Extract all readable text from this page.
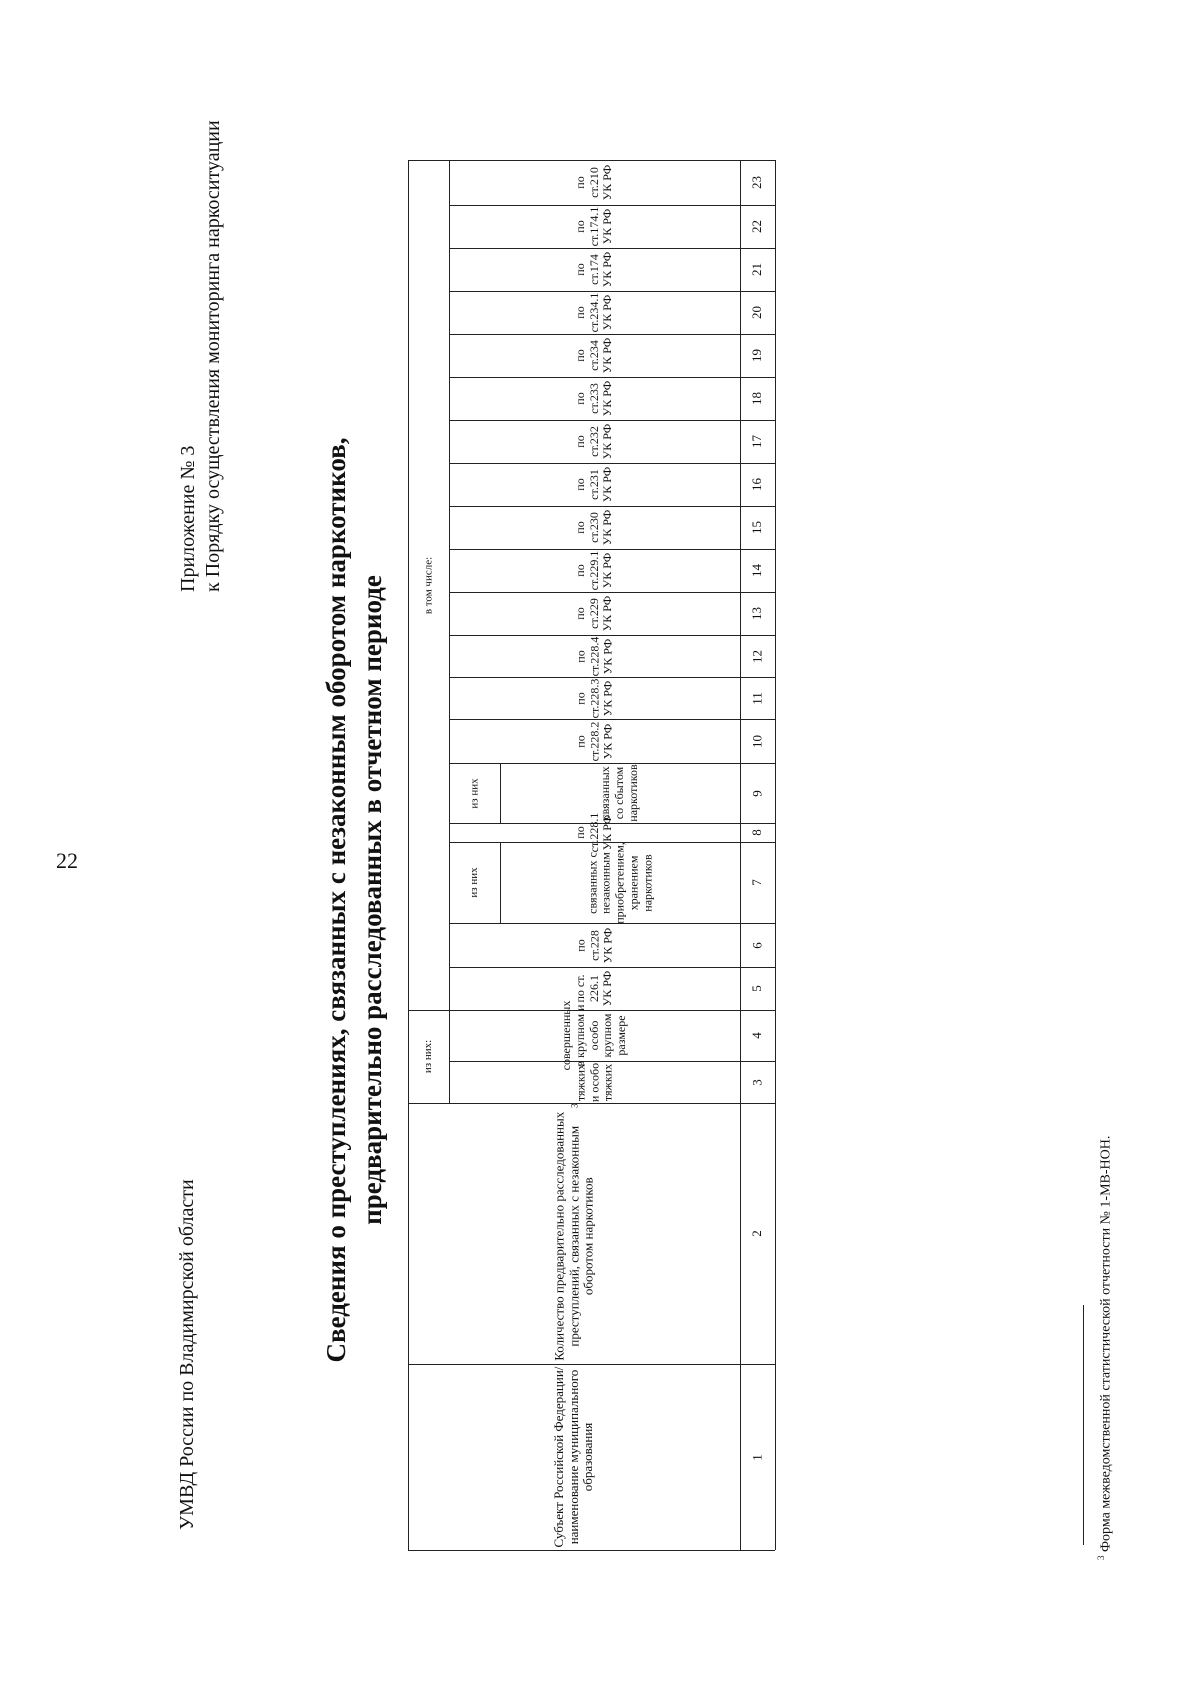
22
УМВД России по Владимирской области
Приложение № 3 к Порядку осуществления мониторинга наркоситуации
Сведения о преступлениях, связанных с незаконным оборотом наркотиков, предварительно расследованных в отчетном периоде	из них:
в том числе:
Субъект Российской Федерации/ наименование муниципального образования
Количество предварительно расследованных преступлений, связанных с незаконным оборотом наркотиков
3
тяжких и особо тяжких
совершенных в крупном и особо крупном размере
по ст. 226.1 УК РФ
по ст.228 УК РФ
связанных с незаконным приобретением, хранением наркотиков
по ст.228.1 УК РФ
связанных со сбытом наркотиков
по ст.228.2 УК РФ
по ст.228.3 УК РФ
по ст.228.4 УК РФ
по ст.229 УК РФ
по ст.229.1 УК РФ
по ст.230 УК РФ
по ст.231 УК РФ
по ст.232 УК РФ
по ст.233 УК РФ
по ст.234 УК РФ
по ст.234.1 УК РФ
по ст.174 УК РФ
по ст.174.1 УК РФ
по ст.210 УК РФ
из них
из них
1
2
3
4
5
6
7
8
9
10
11
12
13
14
15
16
17
18
19
20
21
22
23
$^3$ Форма межведомственной статистической отчетности № 1-МВ-НОН.
